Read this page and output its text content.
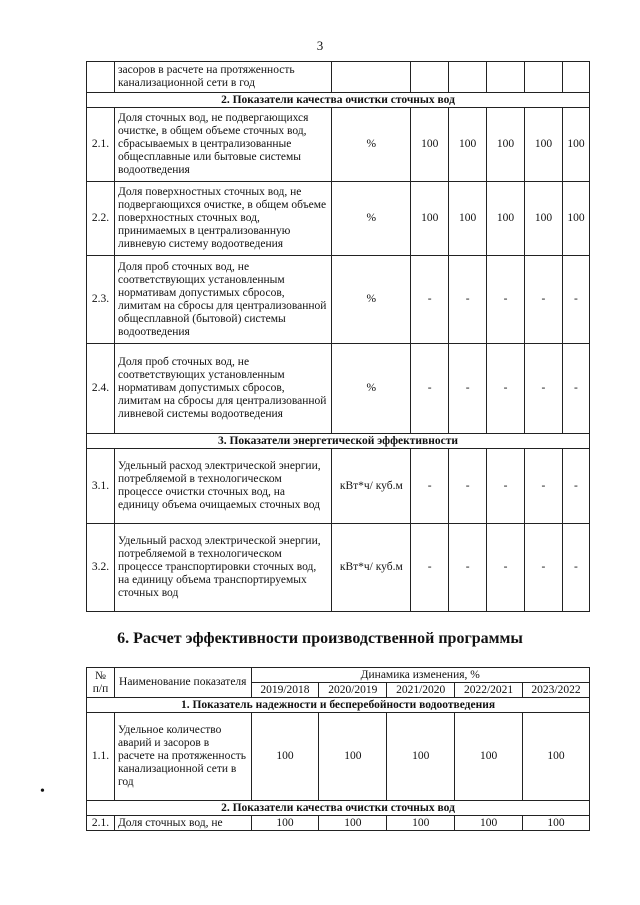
3
	засоров в расчете на протяженность канализационной сети в год						
2. Показатели качества очистки сточных вод							
2.1.	Доля сточных вод, не подвергающихся очистке, в общем объеме сточных вод, сбрасываемых в централизованные общесплавные или бытовые системы водоотведения	%	100	100	100	100	100
2.2.	Доля поверхностных сточных вод, не подвергающихся очистке, в общем объеме поверхностных сточных вод, принимаемых в централизованную ливневую систему водоотведения	%	100	100	100	100	100
2.3.	Доля проб сточных вод, не соответствующих установленным нормативам допустимых сбросов, лимитам на сбросы для централизованной общесплавной (бытовой) системы водоотведения	%	-	-	-	-	-
2.4.	Доля проб сточных вод, не соответствующих установленным нормативам допустимых сбросов, лимитам на сбросы для централизованной ливневой системы водоотведения	%	-	-	-	-	-
3. Показатели энергетической эффективности							
3.1.	Удельный расход электрической энергии, потребляемой в технологическом процессе очистки сточных вод, на единицу объема очищаемых сточных вод	кВт*ч/ куб.м	-	-	-	-	-
3.2.	Удельный расход электрической энергии, потребляемой в технологическом процессе транспортировки сточных вод, на единицу объема транспортируемых сточных вод	кВт*ч/ куб.м	-	-	-	-	-
6. Расчет эффективности производственной программы
№ п/п	Наименование показателя	Динамика изменения, %				
		2019/2018	2020/2019	2021/2020	2022/2021	2023/2022
1. Показатель надежности и бесперебойности водоотведения						
1.1.	Удельное количество аварий и засоров в расчете на протяженность канализационной сети в год	100	100	100	100	100
2. Показатели качества очистки сточных вод						
2.1.	Доля сточных вод, не	100	100	100	100	100
•
